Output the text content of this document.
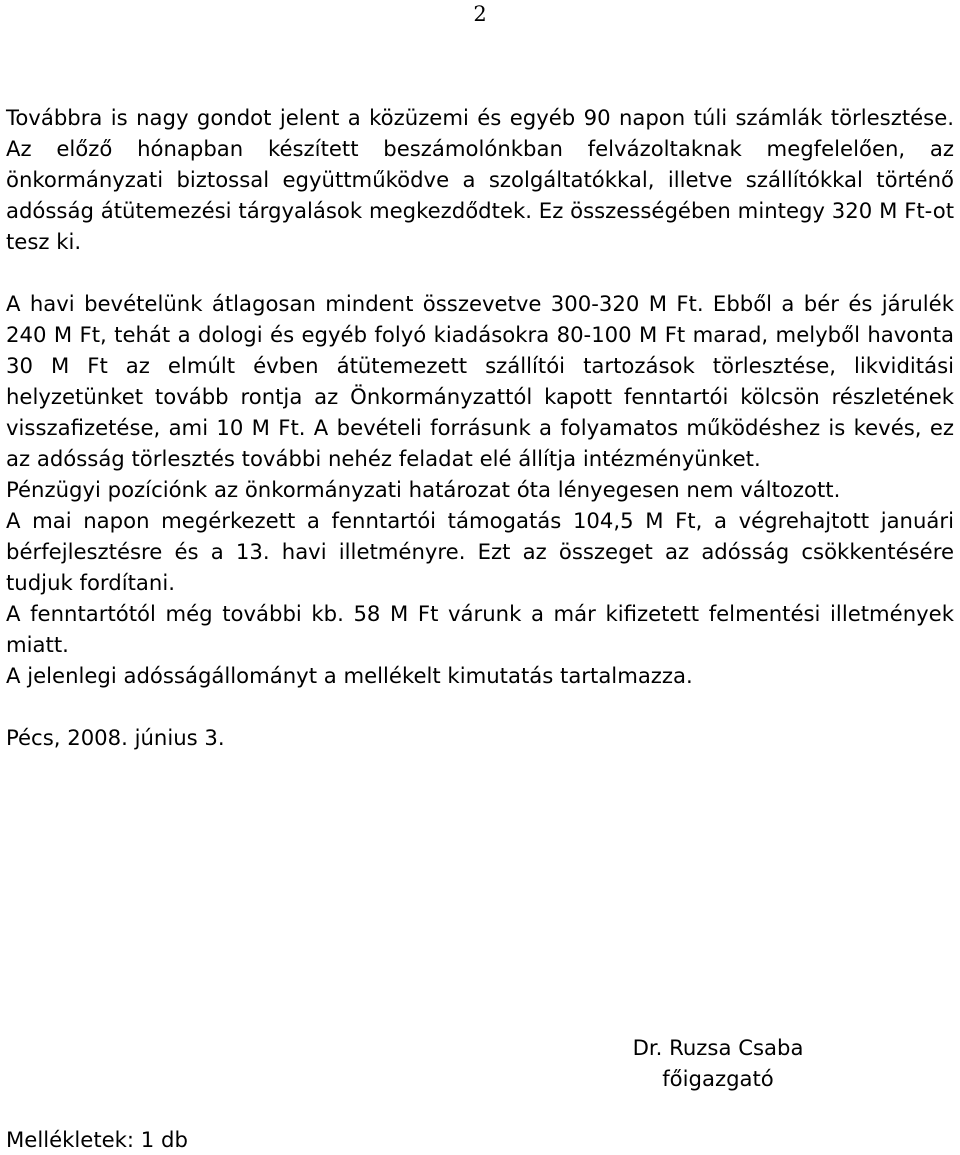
2

Továbbra is nagy gondot jelent a közüzemi és egyéb 90 napon túli számlák törlesztése. Az előző hónapban készített beszámolónkban felvázoltaknak megfelelően, az önkormányzati biztossal együttműködve a szolgáltatókkal, illetve szállítókkal történő adósság átütemezési tárgyalások megkezdődtek. Ez összességében mintegy 320 M Ft-ot tesz ki.

A havi bevételünk átlagosan mindent összevetve 300-320 M Ft. Ebből a bér és járulék 240 M Ft, tehát a dologi és egyéb folyó kiadásokra 80-100 M Ft marad, melyből havonta 30 M Ft az elmúlt évben átütemezett szállítói tartozások törlesztése, likviditási helyzetünket tovább rontja az Önkormányzattól kapott fenntartói kölcsön részletének visszafizetése, ami 10 M Ft. A bevételi forrásunk a folyamatos működéshez is kevés, ez az adósság törlesztés további nehéz feladat elé állítja intézményünket.

Pénzügyi pozíciónk az önkormányzati határozat óta lényegesen nem változott.

A mai napon megérkezett a fenntartói támogatás 104,5 M Ft, a végrehajtott januári bérfejlesztésre és a 13. havi illetményre. Ezt az összeget az adósság csökkentésére tudjuk fordítani.

A fenntartótól még további kb. 58 M Ft várunk a már kifizetett felmentési illetmények miatt.

A jelenlegi adósságállományt a mellékelt kimutatás tartalmazza.

Pécs, 2008. június 3.

Dr. Ruzsa Csaba
főigazgató
Mellékletek: 1 db
